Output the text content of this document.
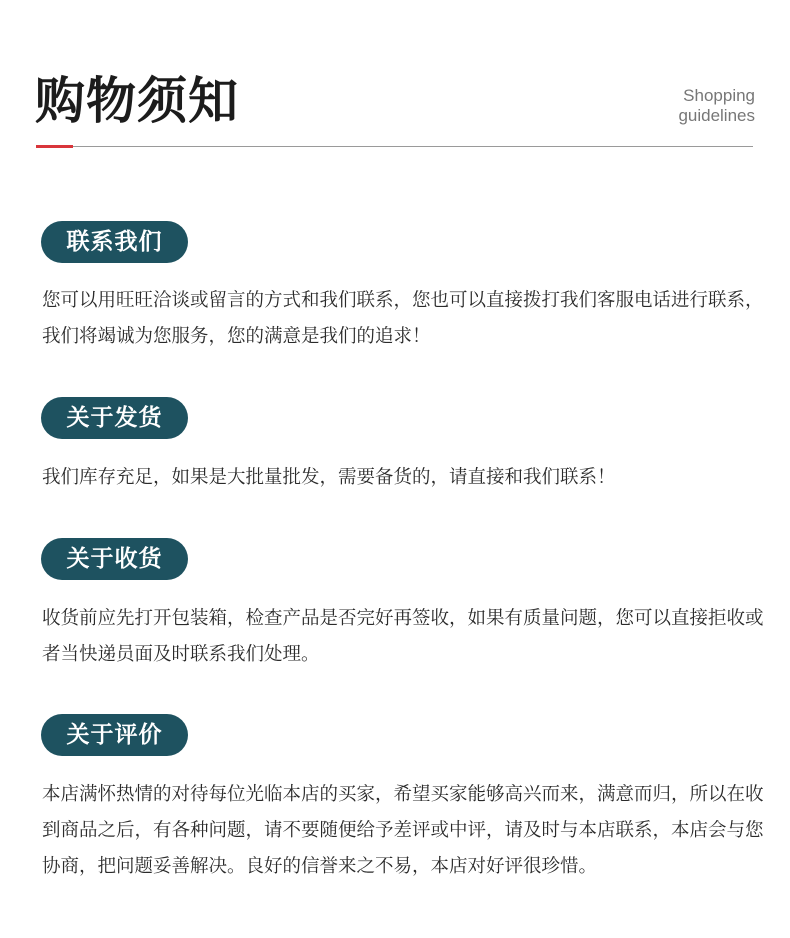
购物须知	Shopping
guidelines
联系我们
您可以用旺旺洽谈或留言的方式和我们联系，您也可以直接拨打我们客服电话进行联系，我们将竭诚为您服务，您的满意是我们的追求！
关于发货
我们库存充足，如果是大批量批发，需要备货的，请直接和我们联系！
关于收货
收货前应先打开包装箱，检查产品是否完好再签收，如果有质量问题，您可以直接拒收或者当快递员面及时联系我们处理。
关于评价
本店满怀热情的对待每位光临本店的买家，希望买家能够高兴而来，满意而归，所以在收到商品之后，有各种问题，请不要随便给予差评或中评，请及时与本店联系，本店会与您协商，把问题妥善解决。良好的信誉来之不易，本店对好评很珍惜。
